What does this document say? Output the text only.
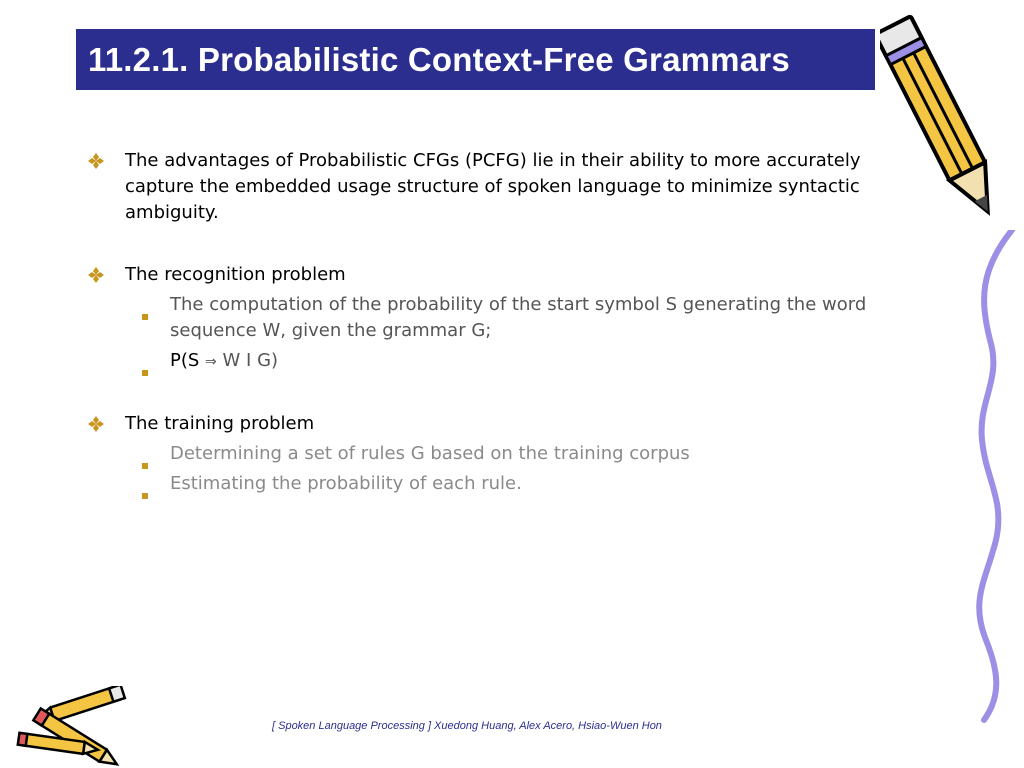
11.2.1. Probabilistic Context-Free Grammars
The advantages of Probabilistic CFGs (PCFG) lie in their ability to more accurately capture the embedded usage structure of spoken language to minimize syntactic ambiguity.
The recognition problem
The computation of the probability of the start symbol S generating the word sequence W, given the grammar G;
P(S ⇒ W I G)
The training problem
Determining a set of rules G based on the training corpus
Estimating the probability of each rule.
[ Spoken Language Processing ] Xuedong Huang, Alex Acero, Hsiao-Wuen Hon
